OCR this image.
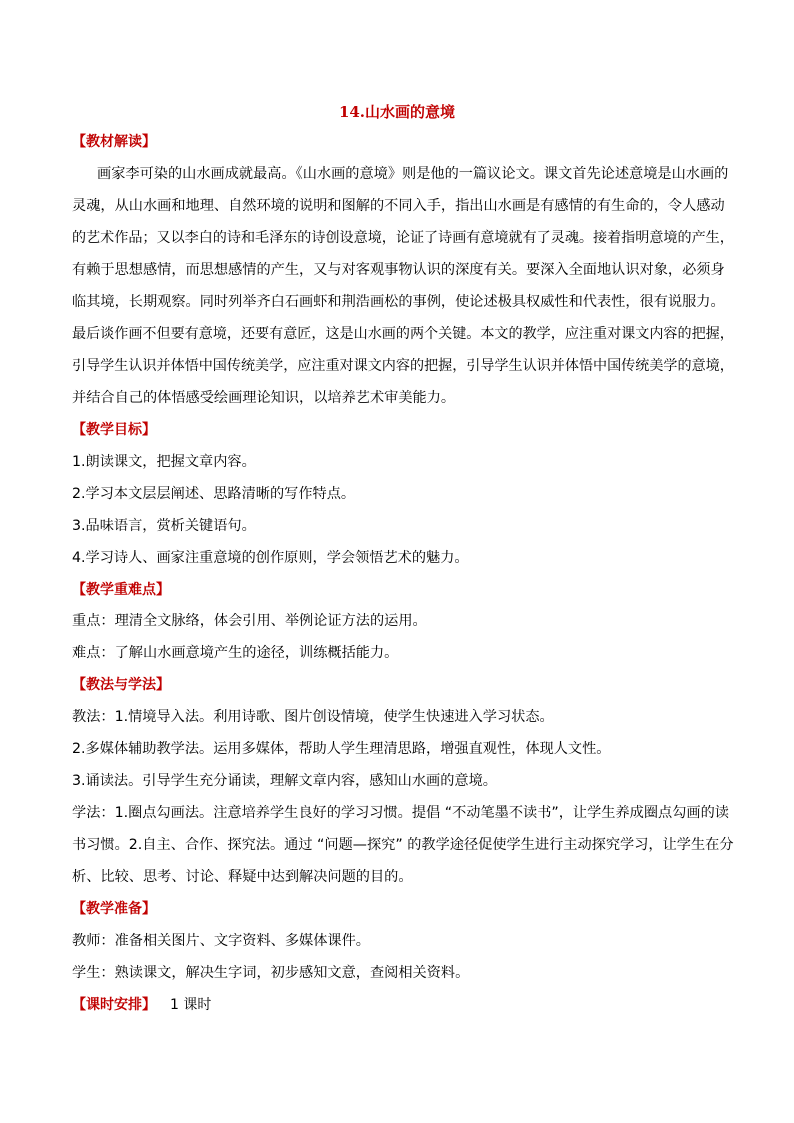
14.山水画的意境
【教材解读】
画家李可染的山水画成就最高。《山水画的意境》则是他的一篇议论文。课文首先论述意境是山水画的
灵魂，从山水画和地理、自然环境的说明和图解的不同入手，指出山水画是有感情的有生命的，令人感动
的艺术作品；又以李白的诗和毛泽东的诗创设意境，论证了诗画有意境就有了灵魂。接着指明意境的产生，
有赖于思想感情，而思想感情的产生，又与对客观事物认识的深度有关。要深入全面地认识对象，必须身
临其境，长期观察。同时列举齐白石画虾和荆浩画松的事例，使论述极具权威性和代表性，很有说服力。
最后谈作画不但要有意境，还要有意匠，这是山水画的两个关键。本文的教学，应注重对课文内容的把握，
引导学生认识并体悟中国传统美学，应注重对课文内容的把握，引导学生认识并体悟中国传统美学的意境，
并结合自己的体悟感受绘画理论知识，以培养艺术审美能力。
【教学目标】
1.朗读课文，把握文章内容。
2.学习本文层层阐述、思路清晰的写作特点。
3.品味语言，赏析关键语句。
4.学习诗人、画家注重意境的创作原则，学会领悟艺术的魅力。
【教学重难点】
重点：理清全文脉络，体会引用、举例论证方法的运用。
难点：了解山水画意境产生的途径，训练概括能力。
【教法与学法】
教法：1.情境导入法。利用诗歌、图片创设情境，使学生快速进入学习状态。
2.多媒体辅助教学法。运用多媒体，帮助人学生理清思路，增强直观性，体现人文性。
3.诵读法。引导学生充分诵读，理解文章内容，感知山水画的意境。
学法：1.圈点勾画法。注意培养学生良好的学习习惯。提倡 “不动笔墨不读书”，让学生养成圈点勾画的读
书习惯。2.自主、合作、探究法。通过 “问题—探究” 的教学途径促使学生进行主动探究学习，让学生在分
析、比较、思考、讨论、释疑中达到解决问题的目的。
【教学准备】
教师：准备相关图片、文字资料、多媒体课件。
学生：熟读课文，解决生字词，初步感知文意，查阅相关资料。
【课时安排】 1 课时
